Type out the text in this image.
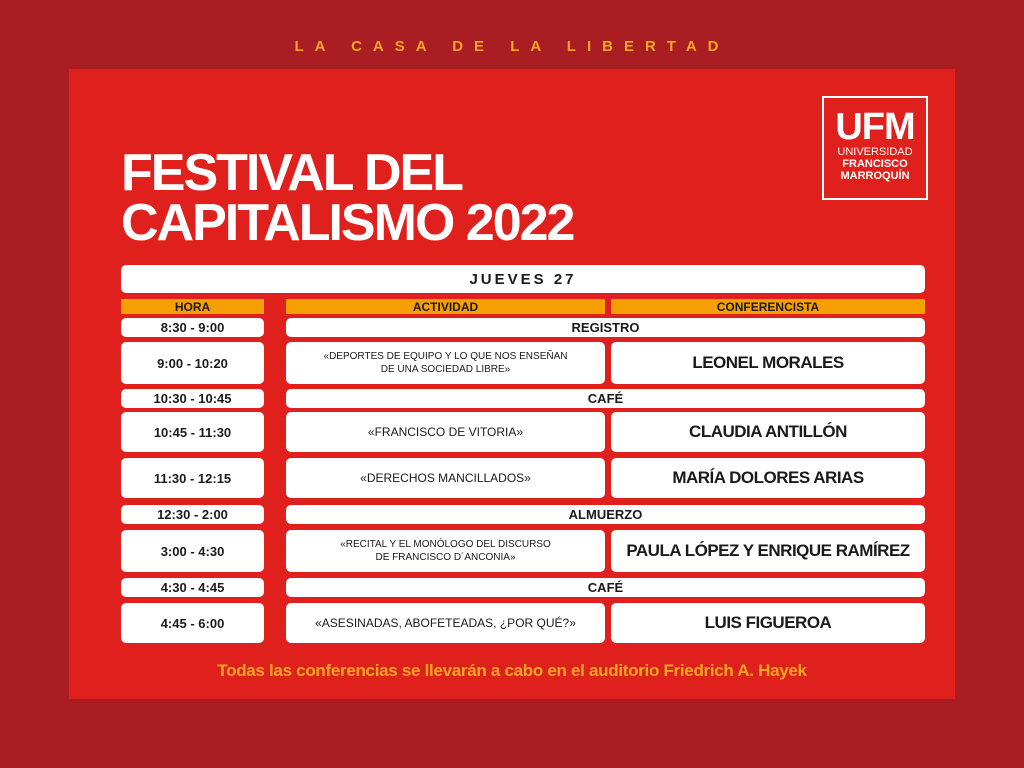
LA CASA DE LA LIBERTAD
FESTIVAL DEL
CAPITALISMO 2022
UFM
UNIVERSIDAD
FRANCISCO
MARROQUÍN
JUEVES 27
HORA	ACTIVIDAD	CONFERENCISTA
8:30 - 9:00	REGISTRO
9:00 - 10:20	«DEPORTES DE EQUIPO Y LO QUE NOS ENSEÑAN
DE UNA SOCIEDAD LIBRE»	LEONEL MORALES
10:30 - 10:45	CAFÉ
10:45 - 11:30	«FRANCISCO DE VITORIA»	CLAUDIA ANTILLÓN
11:30 - 12:15	«DERECHOS MANCILLADOS»	MARÍA DOLORES ARIAS
12:30 - 2:00	ALMUERZO
3:00 - 4:30	«RECITAL Y EL MONÓLOGO DEL DISCURSO
DE FRANCISCO D´ANCONIA»	PAULA LÓPEZ Y ENRIQUE RAMÍREZ
4:30 - 4:45	CAFÉ
4:45 - 6:00	«ASESINADAS, ABOFETEADAS, ¿POR QUÉ?»	LUIS FIGUEROA
Todas las conferencias se llevarán a cabo en el auditorio Friedrich A. Hayek
